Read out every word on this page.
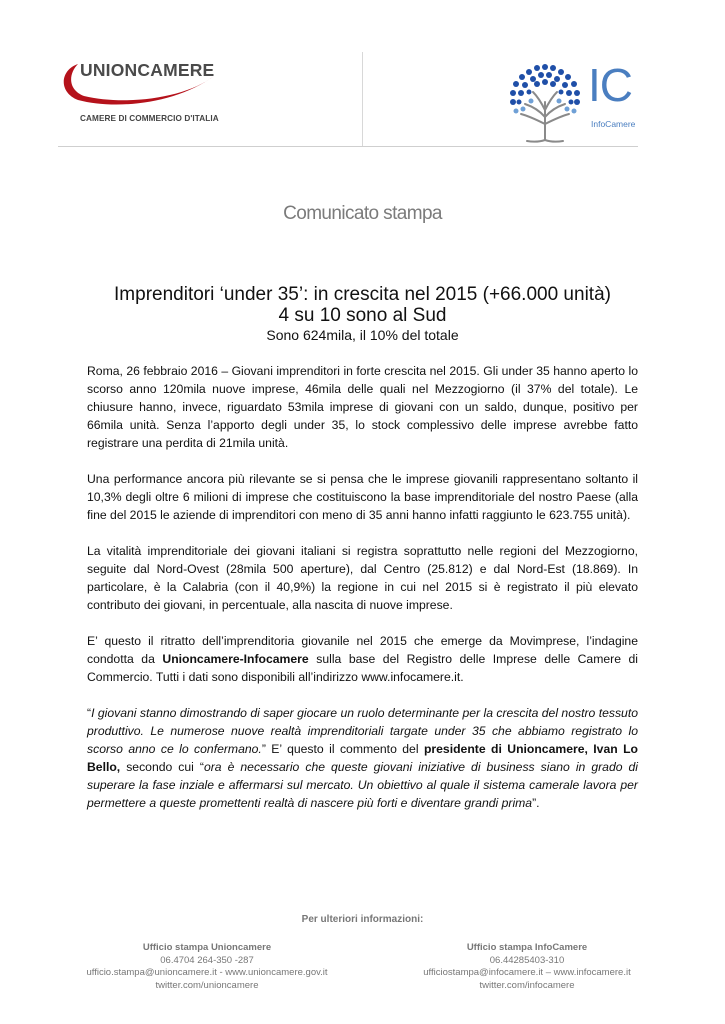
UNIONCAMERE
CAMERE DI COMMERCIO D'ITALIA
IC
InfoCamere
Comunicato stampa
Imprenditori ‘under 35’: in crescita nel 2015 (+66.000 unità)
4 su 10 sono al Sud
Sono 624mila, il 10% del totale

Roma, 26 febbraio 2016 – Giovani imprenditori in forte crescita nel 2015. Gli under 35 hanno aperto lo scorso anno 120mila nuove imprese, 46mila delle quali nel Mezzogiorno (il 37% del totale). Le chiusure hanno, invece, riguardato 53mila imprese di giovani con un saldo, dunque, positivo per 66mila unità. Senza l’apporto degli under 35, lo stock complessivo delle imprese avrebbe fatto registrare una perdita di 21mila unità.

Una performance ancora più rilevante se si pensa che le imprese giovanili rappresentano soltanto il 10,3% degli oltre 6 milioni di imprese che costituiscono la base imprenditoriale del nostro Paese (alla fine del 2015 le aziende di imprenditori con meno di 35 anni hanno infatti raggiunto le 623.755 unità).

La vitalità imprenditoriale dei giovani italiani si registra soprattutto nelle regioni del Mezzogiorno, seguite dal Nord-Ovest (28mila 500 aperture), dal Centro (25.812) e dal Nord-Est (18.869). In particolare, è la Calabria (con il 40,9%) la regione in cui nel 2015 si è registrato il più elevato contributo dei giovani, in percentuale, alla nascita di nuove imprese.

E’ questo il ritratto dell’imprenditoria giovanile nel 2015 che emerge da Movimprese, l’indagine condotta da Unioncamere-Infocamere sulla base del Registro delle Imprese delle Camere di Commercio. Tutti i dati sono disponibili all’indirizzo www.infocamere.it.

“I giovani stanno dimostrando di saper giocare un ruolo determinante per la crescita del nostro tessuto produttivo. Le numerose nuove realtà imprenditoriali targate under 35 che abbiamo registrato lo scorso anno ce lo confermano.” E’ questo il commento del presidente di Unioncamere, Ivan Lo Bello, secondo cui “ora è necessario che queste giovani iniziative di business siano in grado di superare la fase inziale e affermarsi sul mercato. Un obiettivo al quale il sistema camerale lavora per permettere a queste promettenti realtà di nascere più forti e diventare grandi prima”.

Per ulteriori informazioni:
Ufficio stampa Unioncamere
06.4704 264-350 -287
ufficio.stampa@unioncamere.it - www.unioncamere.gov.it
twitter.com/unioncamere
Ufficio stampa InfoCamere
06.44285403-310
ufficiostampa@infocamere.it – www.infocamere.it
twitter.com/infocamere
